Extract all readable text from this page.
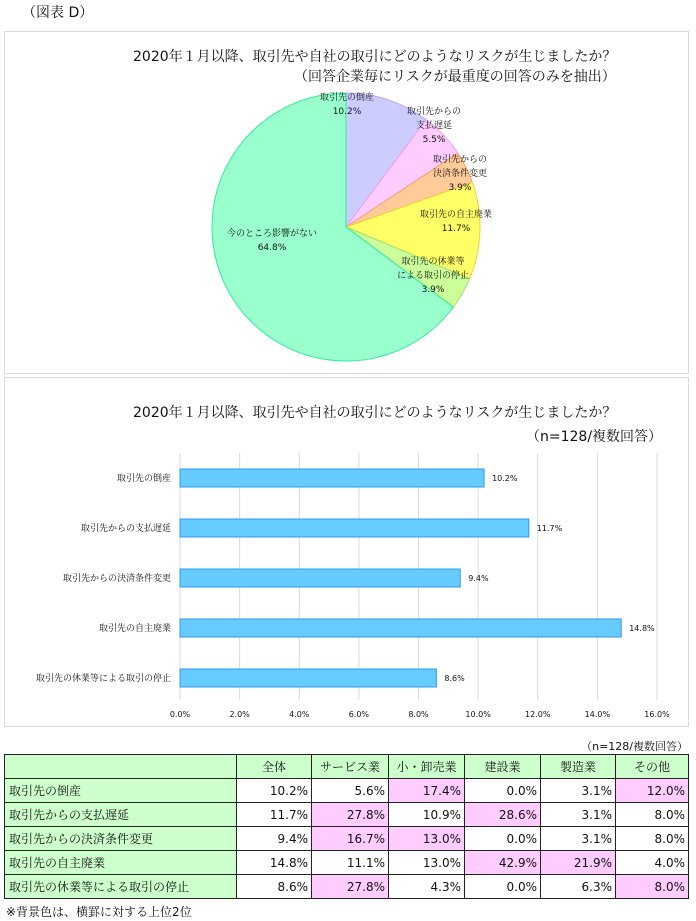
（図表 D）
2020年１月以降、取引先や自社の取引にどのようなリスクが生じましたか？
（回答企業毎にリスクが最重度の回答のみを抽出）
取引先の倒産
10.2%	取引先からの
支払遅延
5.5%
取引先からの
決済条件変更
3.9%
取引先の自主廃業
11.7%
取引先の休業等
による取引の停止
3.9%
今のところ影響がない
64.8%
2020年１月以降、取引先や自社の取引にどのようなリスクが生じましたか？
（n=128/複数回答）
0.0%	2.0%	4.0%	6.0%	8.0%	10.0%	12.0%	14.0%	16.0%
取引先の倒産	10.2%
取引先からの支払遅延	11.7%
取引先からの決済条件変更	9.4%
取引先の自主廃業	14.8%
取引先の休業等による取引の停止	8.6%
（n=128/複数回答）
	全体	サービス業	小・卸売業	建設業	製造業	その他
取引先の倒産	10.2%	5.6%	17.4%	0.0%	3.1%	12.0%
取引先からの支払遅延	11.7%	27.8%	10.9%	28.6%	3.1%	8.0%
取引先からの決済条件変更	9.4%	16.7%	13.0%	0.0%	3.1%	8.0%
取引先の自主廃業	14.8%	11.1%	13.0%	42.9%	21.9%	4.0%
取引先の休業等による取引の停止	8.6%	27.8%	4.3%	0.0%	6.3%	8.0%
※背景色は、横罫に対する上位2位
